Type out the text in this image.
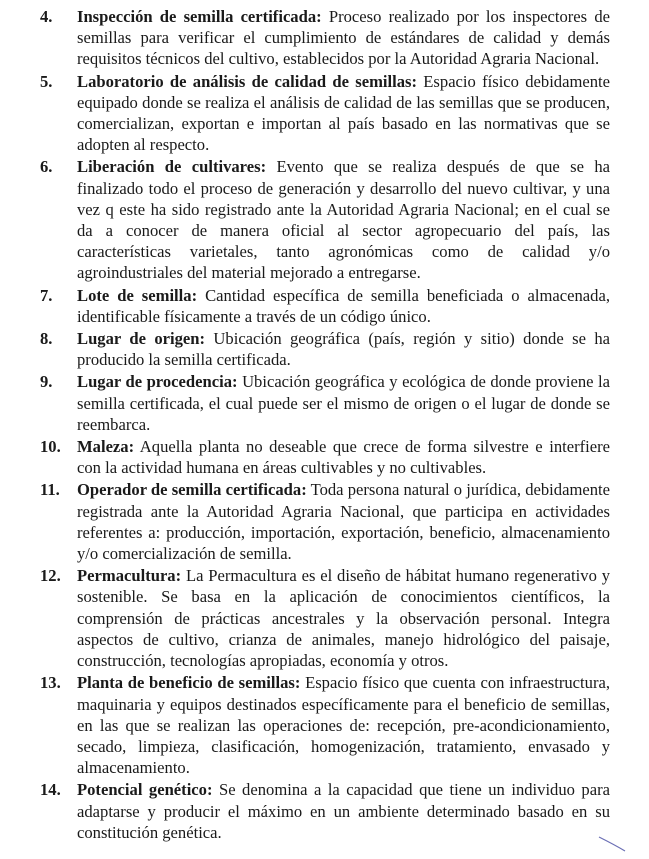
4.	Inspección de semilla certificada: Proceso realizado por los inspectores de semillas para verificar el cumplimiento de estándares de calidad y demás requisitos técnicos del cultivo, establecidos por la Autoridad Agraria Nacional.
5.	Laboratorio de análisis de calidad de semillas: Espacio físico debidamente equipado donde se realiza el análisis de calidad de las semillas que se producen, comercializan, exportan e importan al país basado en las normativas que se adopten al respecto.
6.	Liberación de cultivares: Evento que se realiza después de que se ha finalizado todo el proceso de generación y desarrollo del nuevo cultivar, y una vez q este ha sido registrado ante la Autoridad Agraria Nacional; en el cual se da a conocer de manera oficial al sector agropecuario del país, las características varietales, tanto agronómicas como de calidad y/o agroindustriales del material mejorado a entregarse.
7.	Lote de semilla: Cantidad específica de semilla beneficiada o almacenada, identificable físicamente a través de un código único.
8.	Lugar de origen: Ubicación geográfica (país, región y sitio) donde se ha producido la semilla certificada.
9.	Lugar de procedencia: Ubicación geográfica y ecológica de donde proviene la semilla certificada, el cual puede ser el mismo de origen o el lugar de donde se reembarca.
10. Maleza: Aquella planta no deseable que crece de forma silvestre e interfiere con la actividad humana en áreas cultivables y no cultivables.
11.	Operador de semilla certificada: Toda persona natural o jurídica, debidamente registrada ante la Autoridad Agraria Nacional, que participa en actividades referentes a: producción, importación, exportación, beneficio, almacenamiento y/o comercialización de semilla.
12. Permacultura: La Permacultura es el diseño de hábitat humano regenerativo y sostenible. Se basa en la aplicación de conocimientos científicos, la comprensión de prácticas ancestrales y la observación personal. Integra aspectos de cultivo, crianza de animales, manejo hidrológico del paisaje, construcción, tecnologías apropiadas, economía y otros.
13. Planta de beneficio de semillas: Espacio físico que cuenta con infraestructura, maquinaria y equipos destinados específicamente para el beneficio de semillas, en las que se realizan las operaciones de: recepción, pre-acondicionamiento, secado, limpieza, clasificación, homogenización, tratamiento, envasado y almacenamiento.
14. Potencial genético: Se denomina a la capacidad que tiene un individuo para adaptarse y producir el máximo en un ambiente determinado basado en su constitución genética.
